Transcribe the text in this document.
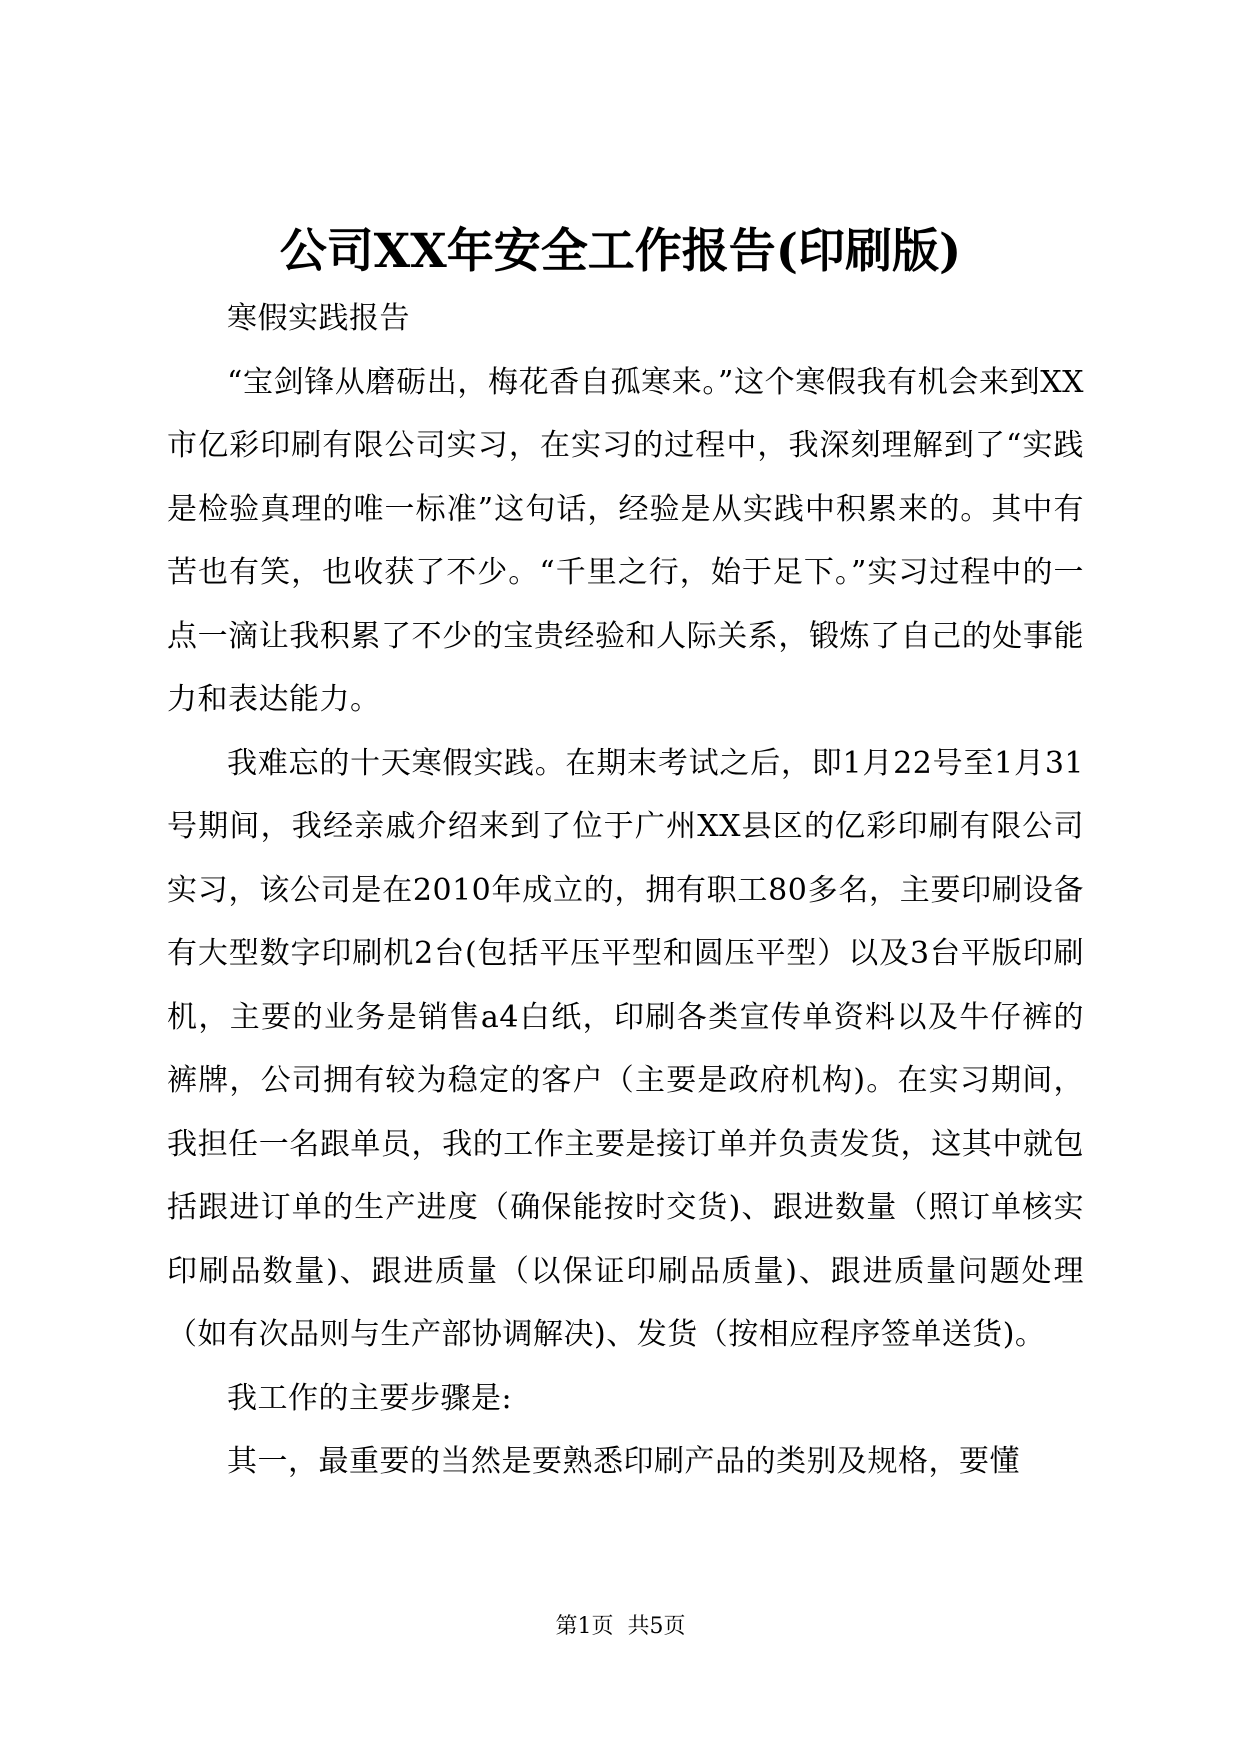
公司XX年安全工作报告(印刷版)

寒假实践报告

“宝剑锋从磨砺出，梅花香自孤寒来。”这个寒假我有机会来到XX市亿彩印刷有限公司实习，在实习的过程中，我深刻理解到了“实践是检验真理的唯一标准”这句话，经验是从实践中积累来的。其中有苦也有笑，也收获了不少。“千里之行，始于足下。”实习过程中的一点一滴让我积累了不少的宝贵经验和人际关系，锻炼了自己的处事能力和表达能力。

我难忘的十天寒假实践。在期末考试之后，即1月22号至1月31号期间，我经亲戚介绍来到了位于广州XX县区的亿彩印刷有限公司实习，该公司是在2010年成立的，拥有职工80多名，主要印刷设备有大型数字印刷机2台(包括平压平型和圆压平型）以及3台平版印刷机，主要的业务是销售a4白纸，印刷各类宣传单资料以及牛仔裤的裤牌，公司拥有较为稳定的客户（主要是政府机构)。在实习期间，我担任一名跟单员，我的工作主要是接订单并负责发货，这其中就包括跟进订单的生产进度（确保能按时交货)、跟进数量（照订单核实印刷品数量)、跟进质量（以保证印刷品质量)、跟进质量问题处理（如有次品则与生产部协调解决)、发货（按相应程序签单送货)。

我工作的主要步骤是:

其一，最重要的当然是要熟悉印刷产品的类别及规格，要懂

第1页 共5页
